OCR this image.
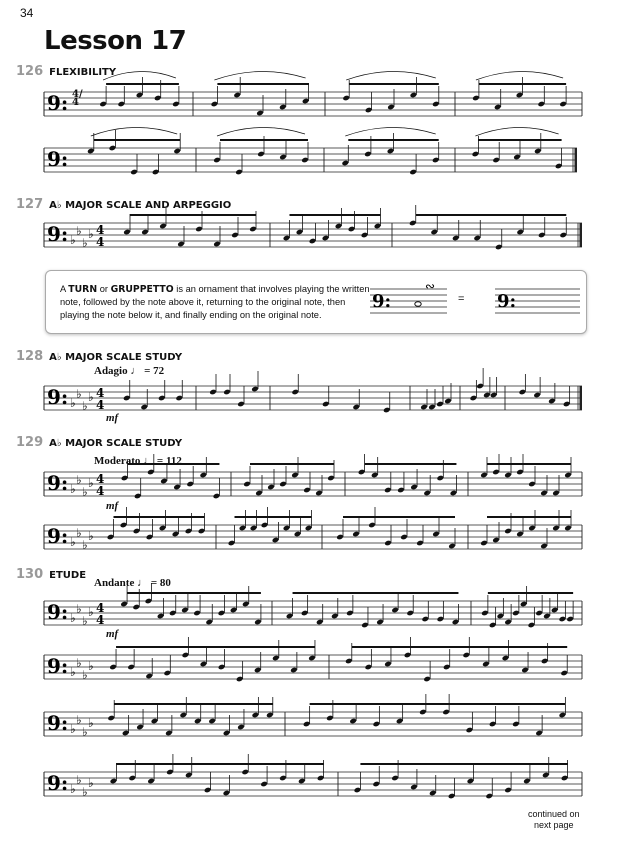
34
Lesson 17
126 FLEXIBILITY
4/4
127 A♭ MAJOR SCALE AND ARPEGGIO
A TURN or GRUPPETTO is an ornament that involves playing the written note, followed by the note above it, returning to the original note, then playing the note below it, and finally ending on the original note.
=
128 A♭ MAJOR SCALE STUDY
Adagio ♩ = 72
mf
129 A♭ MAJOR SCALE STUDY
Moderato ♩ = 112
mf
130 ETUDE
Andante ♩ = 80
mf
continued on
next page
9:
9:
9: ♭
♭
♭
♭ 4
4
9: ♭
♭
♭
♭ 4
4
9: ♭
♭
♭
♭ 4
4
9: ♭
♭
♭
♭
9: ♭
♭
♭
♭ 4
4
9: ♭
♭
♭
♭
9: ♭
♭
♭
♭
9: ♭
♭
♭
♭
9:	9:
∾
